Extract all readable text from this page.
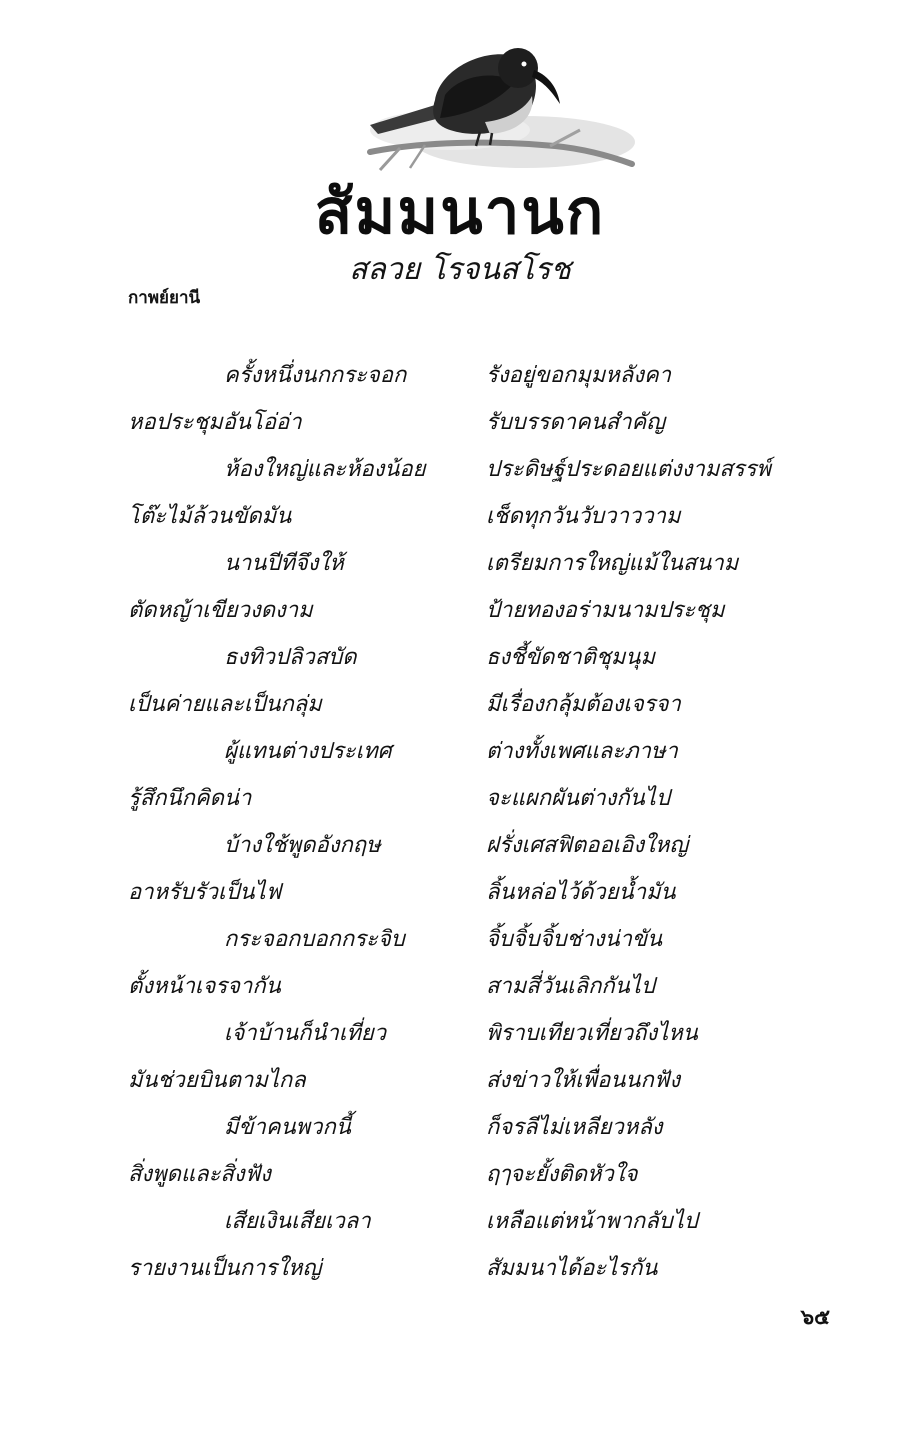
สัมมนานก
สลวย โรจนสโรช
กาพย์ยานี
ครั้งหนึ่งนกกระจอก	รังอยู่ขอกมุมหลังคา
หอประชุมอันโอ่อ่า	รับบรรดาคนสำคัญ
ห้องใหญ่และห้องน้อย	ประดิษฐ์ประดอยแต่งงามสรรพ์
โต๊ะไม้ล้วนขัดมัน	เช็ดทุกวันวับวาววาม
นานปีทีจึงให้	เตรียมการใหญ่แม้ในสนาม
ตัดหญ้าเขียวงดงาม	ป้ายทองอร่ามนามประชุม
ธงทิวปลิวสบัด	ธงชี้ขัดชาติชุมนุม
เป็นค่ายและเป็นกลุ่ม	มีเรื่องกลุ้มต้องเจรจา
ผู้แทนต่างประเทศ	ต่างทั้งเพศและภาษา
รู้สึกนึกคิดน่า	จะแผกผันต่างกันไป
บ้างใช้พูดอังกฤษ	ฝรั่งเศสฟิตออเอิงใหญ่
อาหรับรัวเป็นไฟ	ลิ้นหล่อไว้ด้วยน้ำมัน
กระจอกบอกกระจิบ	จิ้บจิ้บจิ้บช่างน่าขัน
ตั้งหน้าเจรจากัน	สามสี่วันเลิกกันไป
เจ้าบ้านก็นำเที่ยว	พิราบเทียวเที่ยวถึงไหน
มันช่วยบินตามไกล	ส่งข่าวให้เพื่อนนกฟัง
มีข้าคนพวกนี้	ก็จรลีไม่เหลียวหลัง
สิ่งพูดและสิ่งฟัง	ฤๅจะยั้งติดหัวใจ
เสียเงินเสียเวลา	เหลือแต่หน้าพากลับไป
รายงานเป็นการใหญ่	สัมมนาได้อะไรกัน
๖๕
